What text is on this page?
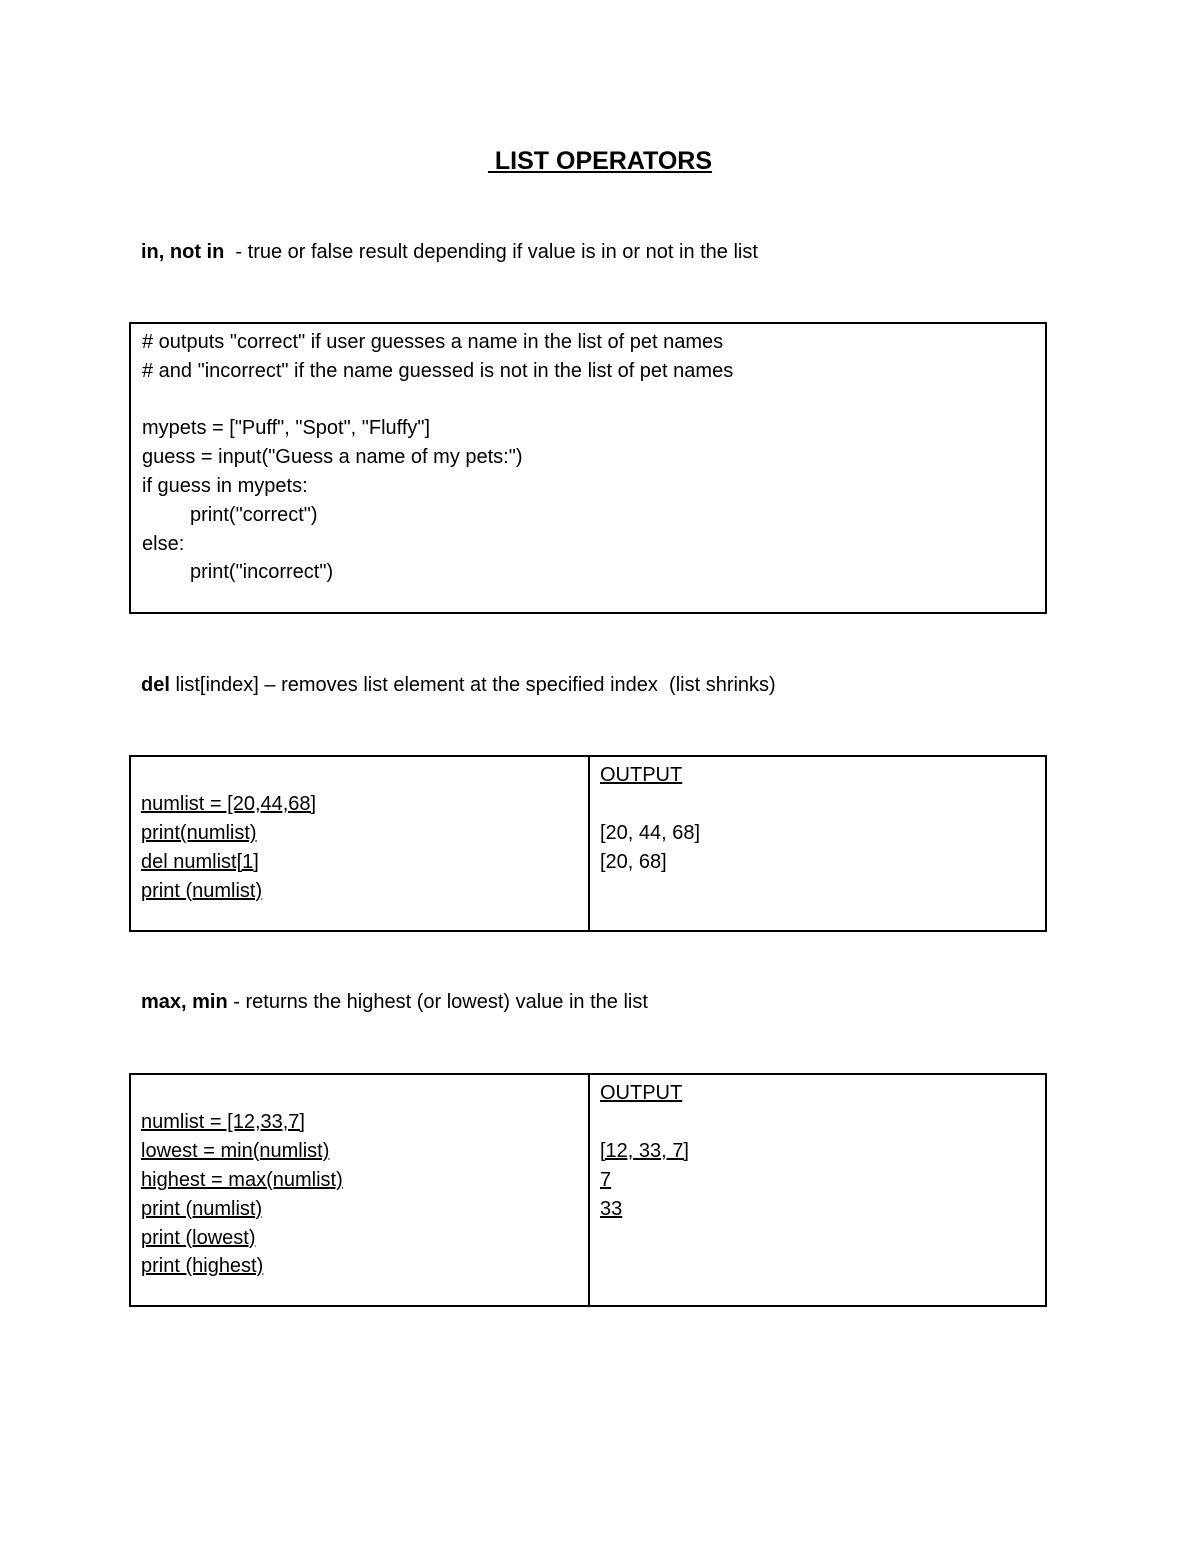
LIST OPERATORS
in, not in  - true or false result depending if value is in or not in the list
# outputs "correct" if user guesses a name in the list of pet names
# and "incorrect" if the name guessed is not in the list of pet names
mypets = ["Puff", "Spot", "Fluffy"]
guess = input("Guess a name of my pets:")
if guess in mypets:
print("correct")
else:
print("incorrect")
del list[index] – removes list element at the specified index  (list shrinks)
numlist = [20,44,68]
print(numlist)
del numlist[1]
print (numlist)
OUTPUT
[20, 44, 68]
[20, 68]
max, min - returns the highest (or lowest) value in the list
numlist = [12,33,7]
lowest = min(numlist)
highest = max(numlist)
print (numlist)
print (lowest)
print (highest)
OUTPUT
[12, 33, 7]
7
33
